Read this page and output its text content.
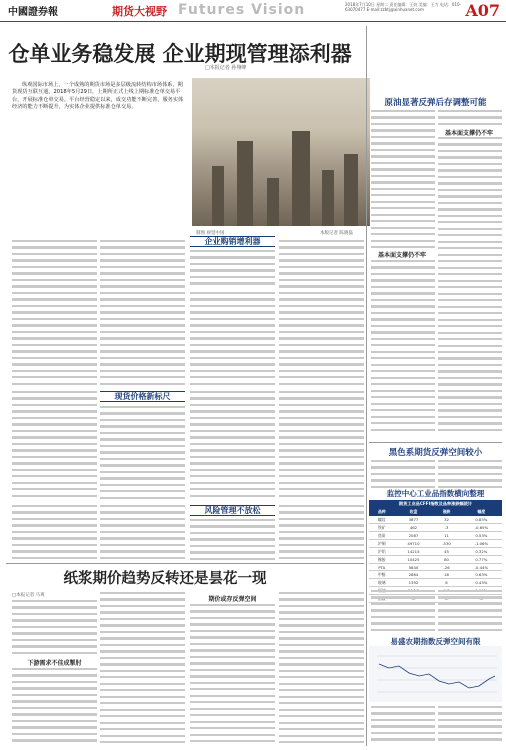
中國證券報	期货大视野 Futures Vision	2018年7月10日 星期二 责任编辑：王姣 美编：王力 电话：010-63070477 E-mail:zzbtj@xinhuanet.com	A07
仓单业务稳发展 企业期现管理添利器
□本报记者 孙翔峰
纵观国际市场上，一个成熟的期货市场是多层级流转结构市场体系，期货现货互联互通。2018年5月29日，上期所正式上线上期标准仓单交易平台，开展标准仓单交易。平台经营稳定以来，成交功能不断完善，服务实体经济的能力不断提升，为实体企业提供标准仓单交易。
制图 视觉中国	本版记者 陈晓磊
原油显著反弹后存调整可能
基本面支撑仍不牢
基本面支撑仍不牢
黑色系期货反弹空间较小
监控中心工业品指数横向整理
期货工业品CFFI指数及品种涨跌幅统计
品种	收盘	涨跌	幅度
螺纹	3877	32	0.83%
铁矿	462	-3	-0.65%
焦炭	2087	11	0.53%
沪铜	49710	-530	-1.06%
沪铝	14215	45	0.32%
橡胶	10425	80	0.77%
PTA	5840	-26	-0.44%
甲醇	2864	18	0.63%
玻璃	1392	6	0.43%

易盛农期指数反弹空间有限
企业购销增利器
现货价格新标尺
风险管理不放松
纸浆期价趋势反转还是昙花一现
□本报记者 马爽
下游需求不佳成掣肘
期价或存反弹空间
